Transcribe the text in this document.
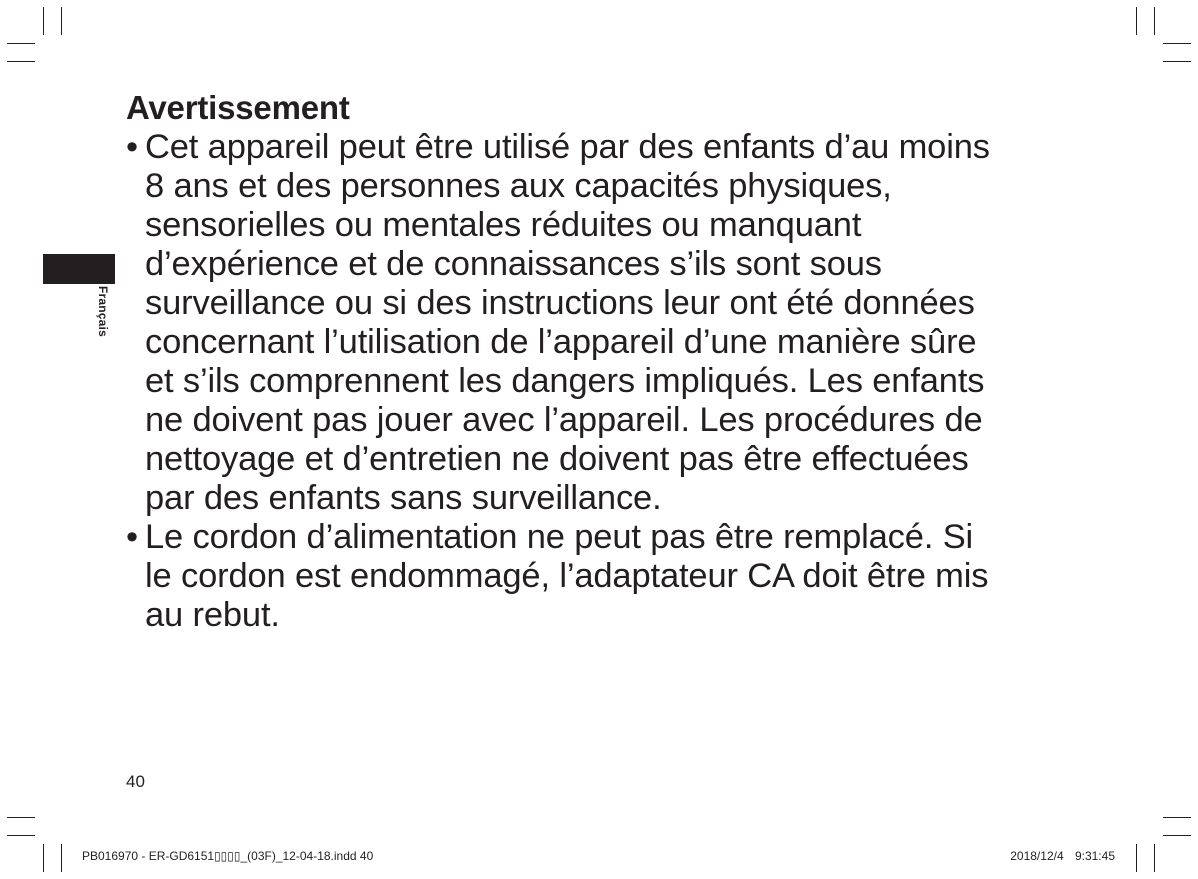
Français
Avertissement
• Cet appareil peut être utilisé par des enfants d’au moins
8 ans et des personnes aux capacités physiques,
sensorielles ou mentales réduites ou manquant
d’expérience et de connaissances s’ils sont sous
surveillance ou si des instructions leur ont été données
concernant l’utilisation de l’appareil d’une manière sûre
et s’ils comprennent les dangers impliqués. Les enfants
ne doivent pas jouer avec l’appareil. Les procédures de
nettoyage et d’entretien ne doivent pas être effectuées
par des enfants sans surveillance.
• Le cordon d’alimentation ne peut pas être remplacé. Si
le cordon est endommagé, l’adaptateur CA doit être mis
au rebut.
40
PB016970 - ER-GD6151▯▯▯▯_(03F)_12-04-18.indd 40	2018/12/4 9:31:45
